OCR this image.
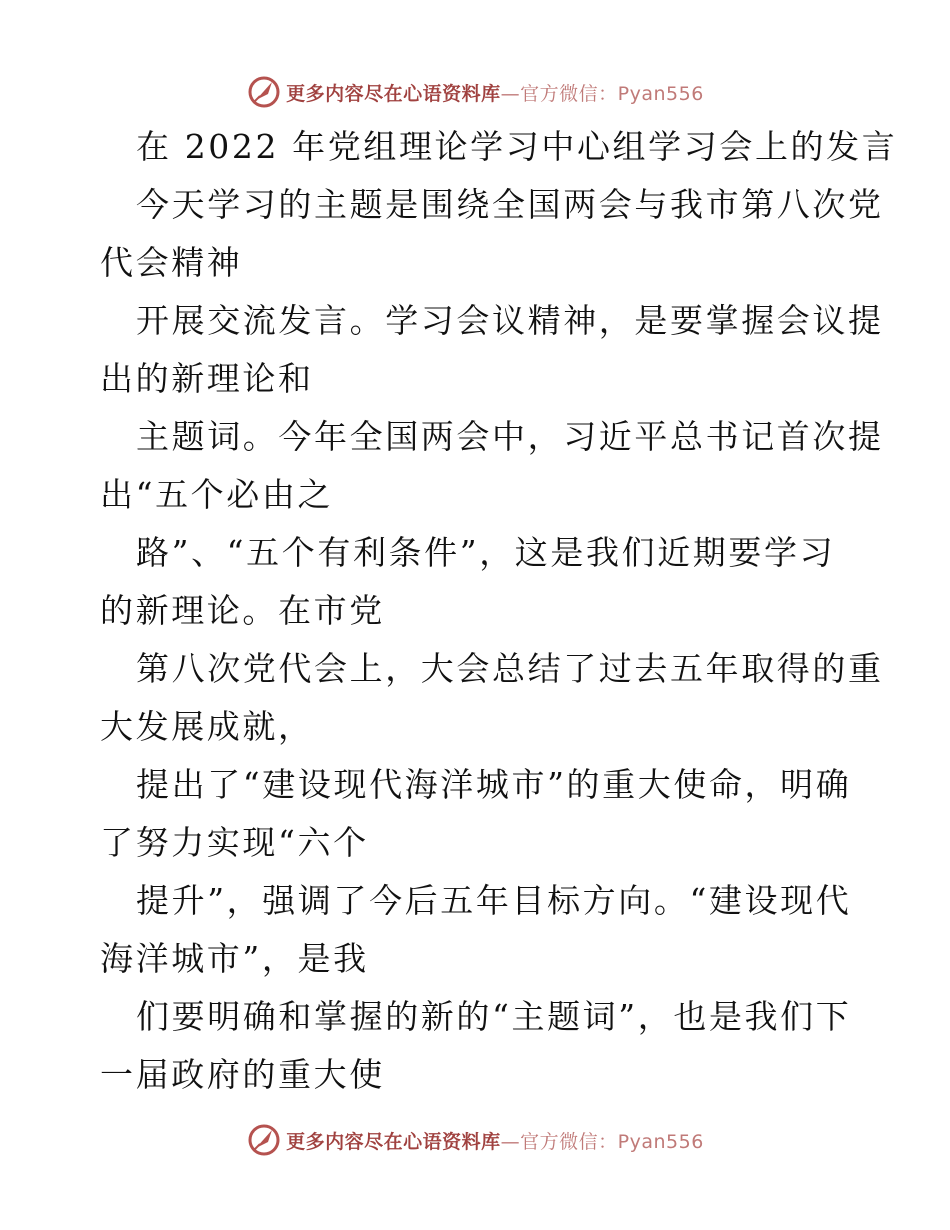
更多内容尽在心语资料库 —官方微信：Pyan556
在 2022 年党组理论学习中心组学习会上的发言
今天学习的主题是围绕全国两会与我市第八次党
代会精神
开展交流发言。学习会议精神，是要掌握会议提
出的新理论和
主题词。今年全国两会中，习近平总书记首次提
出“五个必由之
路”、“五个有利条件”，这是我们近期要学习
的新理论。在市党
第八次党代会上，大会总结了过去五年取得的重
大发展成就，
提出了“建设现代海洋城市”的重大使命，明确
了努力实现“六个
提升”，强调了今后五年目标方向。“建设现代
海洋城市”，是我
们要明确和掌握的新的“主题词”，也是我们下
一届政府的重大使
更多内容尽在心语资料库 —官方微信：Pyan556
